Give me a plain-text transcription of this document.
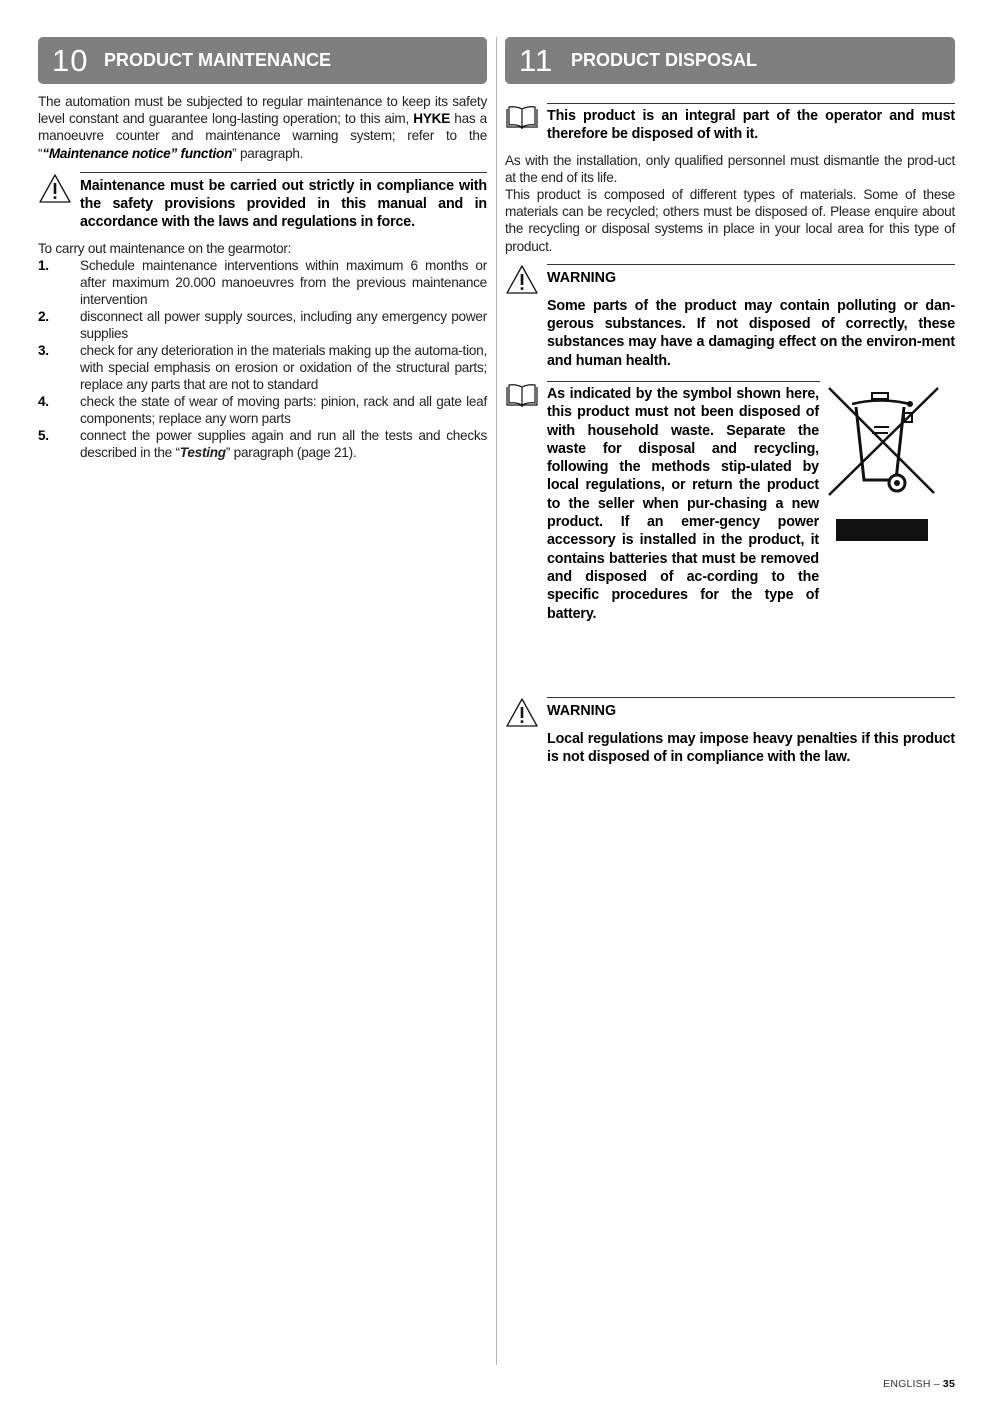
10 PRODUCT MAINTENANCE

The automation must be subjected to regular maintenance to keep its safety level constant and guarantee long-lasting operation; to this aim, HYKE has a manoeuvre counter and maintenance warning system; refer to the ““Maintenance notice” function” paragraph.

Maintenance must be carried out strictly in compliance with the safety provisions provided in this manual and in accordance with the laws and regulations in force.

To carry out maintenance on the gearmotor:

1. Schedule maintenance interventions within maximum 6 months or after maximum 20.000 manoeuvres from the previous maintenance intervention
2. disconnect all power supply sources, including any emergency power supplies
3. check for any deterioration in the materials making up the automa-tion, with special emphasis on erosion or oxidation of the structural parts; replace any parts that are not to standard
4. check the state of wear of moving parts: pinion, rack and all gate leaf components; replace any worn parts
5. connect the power supplies again and run all the tests and checks described in the “Testing” paragraph (page 21).
11 PRODUCT DISPOSAL

This product is an integral part of the operator and must therefore be disposed of with it.

As with the installation, only qualified personnel must dismantle the prod-uct at the end of its life.

This product is composed of different types of materials. Some of these materials can be recycled; others must be disposed of. Please enquire about the recycling or disposal systems in place in your local area for this type of product.

WARNING

Some parts of the product may contain polluting or dan-gerous substances. If not disposed of correctly, these substances may have a damaging effect on the environ-ment and human health.

As indicated by the symbol shown here, this product must not been disposed of with household waste. Separate the waste for disposal and recycling, following the methods stip-ulated by local regulations, or return the product to the seller when pur-chasing a new product. If an emer-gency power accessory is installed in the product, it contains batteries that must be removed and disposed of ac-cording to the specific procedures for the type of battery.

WARNING

Local regulations may impose heavy penalties if this product is not disposed of in compliance with the law.

ENGLISH – 35
